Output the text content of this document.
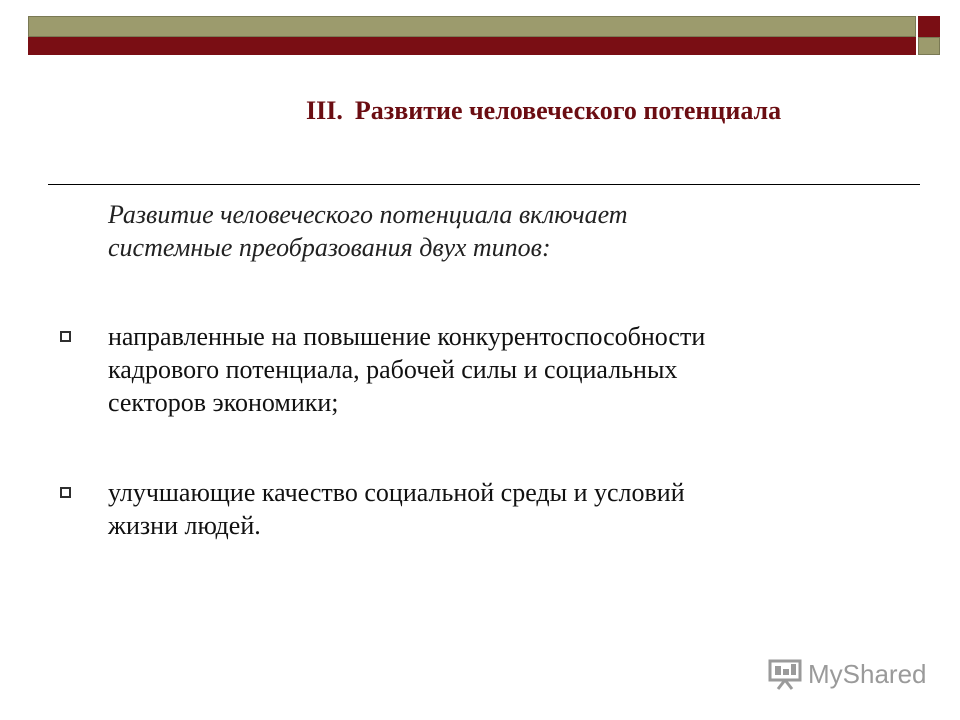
III. Развитие человеческого потенциала
Развитие человеческого потенциала включает
системные преобразования двух типов:
направленные на повышение конкурентоспособности
кадрового потенциала, рабочей силы и социальных
секторов экономики;
улучшающие качество социальной среды и условий
жизни людей.
MyShared
